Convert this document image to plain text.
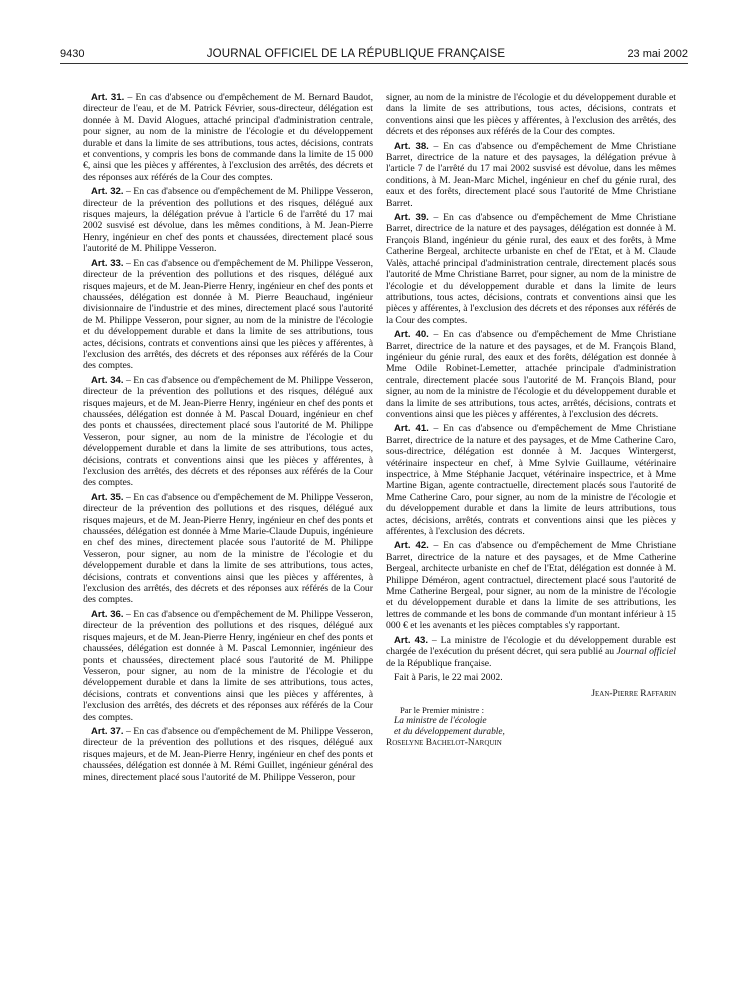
9430	JOURNAL OFFICIEL DE LA RÉPUBLIQUE FRANÇAISE	23 mai 2002

Art. 31. – En cas d'absence ou d'empêchement de M. Bernard Baudot, directeur de l'eau, et de M. Patrick Février, sous-directeur, délégation est donnée à M. David Alogues, attaché principal d'administration centrale, pour signer, au nom de la ministre de l'écologie et du développement durable et dans la limite de ses attributions, tous actes, décisions, contrats et conventions, y compris les bons de commande dans la limite de 15 000 €, ainsi que les pièces y afférentes, à l'exclusion des arrêtés, des décrets et des réponses aux référés de la Cour des comptes.

Art. 32. – En cas d'absence ou d'empêchement de M. Philippe Vesseron, directeur de la prévention des pollutions et des risques, délégué aux risques majeurs, la délégation prévue à l'article 6 de l'arrêté du 17 mai 2002 susvisé est dévolue, dans les mêmes conditions, à M. Jean-Pierre Henry, ingénieur en chef des ponts et chaussées, directement placé sous l'autorité de M. Philippe Vesseron.

Art. 33. – En cas d'absence ou d'empêchement de M. Philippe Vesseron, directeur de la prévention des pollutions et des risques, délégué aux risques majeurs, et de M. Jean-Pierre Henry, ingénieur en chef des ponts et chaussées, délégation est donnée à M. Pierre Beauchaud, ingénieur divisionnaire de l'industrie et des mines, directement placé sous l'autorité de M. Philippe Vesseron, pour signer, au nom de la ministre de l'écologie et du développement durable et dans la limite de ses attributions, tous actes, décisions, contrats et conventions ainsi que les pièces y afférentes, à l'exclusion des arrêtés, des décrets et des réponses aux référés de la Cour des comptes.

Art. 34. – En cas d'absence ou d'empêchement de M. Philippe Vesseron, directeur de la prévention des pollutions et des risques, délégué aux risques majeurs, et de M. Jean-Pierre Henry, ingénieur en chef des ponts et chaussées, délégation est donnée à M. Pascal Douard, ingénieur en chef des ponts et chaussées, directement placé sous l'autorité de M. Philippe Vesseron, pour signer, au nom de la ministre de l'écologie et du développement durable et dans la limite de ses attributions, tous actes, décisions, contrats et conventions ainsi que les pièces y afférentes, à l'exclusion des arrêtés, des décrets et des réponses aux référés de la Cour des comptes.

Art. 35. – En cas d'absence ou d'empêchement de M. Philippe Vesseron, directeur de la prévention des pollutions et des risques, délégué aux risques majeurs, et de M. Jean-Pierre Henry, ingénieur en chef des ponts et chaussées, délégation est donnée à Mme Marie-Claude Dupuis, ingénieure en chef des mines, directement placée sous l'autorité de M. Philippe Vesseron, pour signer, au nom de la ministre de l'écologie et du développement durable et dans la limite de ses attributions, tous actes, décisions, contrats et conventions ainsi que les pièces y afférentes, à l'exclusion des arrêtés, des décrets et des réponses aux référés de la Cour des comptes.

Art. 36. – En cas d'absence ou d'empêchement de M. Philippe Vesseron, directeur de la prévention des pollutions et des risques, délégué aux risques majeurs, et de M. Jean-Pierre Henry, ingénieur en chef des ponts et chaussées, délégation est donnée à M. Pascal Lemonnier, ingénieur des ponts et chaussées, directement placé sous l'autorité de M. Philippe Vesseron, pour signer, au nom de la ministre de l'écologie et du développement durable et dans la limite de ses attributions, tous actes, décisions, contrats et conventions ainsi que les pièces y afférentes, à l'exclusion des arrêtés, des décrets et des réponses aux référés de la Cour des comptes.

Art. 37. – En cas d'absence ou d'empêchement de M. Philippe Vesseron, directeur de la prévention des pollutions et des risques, délégué aux risques majeurs, et de M. Jean-Pierre Henry, ingénieur en chef des ponts et chaussées, délégation est donnée à M. Rémi Guillet, ingénieur général des mines, directement placé sous l'autorité de M. Philippe Vesseron, pour

signer, au nom de la ministre de l'écologie et du développement durable et dans la limite de ses attributions, tous actes, décisions, contrats et conventions ainsi que les pièces y afférentes, à l'exclusion des arrêtés, des décrets et des réponses aux référés de la Cour des comptes.

Art. 38. – En cas d'absence ou d'empêchement de Mme Christiane Barret, directrice de la nature et des paysages, la délégation prévue à l'article 7 de l'arrêté du 17 mai 2002 susvisé est dévolue, dans les mêmes conditions, à M. Jean-Marc Michel, ingénieur en chef du génie rural, des eaux et des forêts, directement placé sous l'autorité de Mme Christiane Barret.

Art. 39. – En cas d'absence ou d'empêchement de Mme Christiane Barret, directrice de la nature et des paysages, délégation est donnée à M. François Bland, ingénieur du génie rural, des eaux et des forêts, à Mme Catherine Bergeal, architecte urbaniste en chef de l'Etat, et à M. Claude Valès, attaché principal d'administration centrale, directement placés sous l'autorité de Mme Christiane Barret, pour signer, au nom de la ministre de l'écologie et du développement durable et dans la limite de leurs attributions, tous actes, décisions, contrats et conventions ainsi que les pièces y afférentes, à l'exclusion des décrets et des réponses aux référés de la Cour des comptes.

Art. 40. – En cas d'absence ou d'empêchement de Mme Christiane Barret, directrice de la nature et des paysages, et de M. François Bland, ingénieur du génie rural, des eaux et des forêts, délégation est donnée à Mme Odile Robinet-Lemetter, attachée principale d'administration centrale, directement placée sous l'autorité de M. François Bland, pour signer, au nom de la ministre de l'écologie et du développement durable et dans la limite de ses attributions, tous actes, arrêtés, décisions, contrats et conventions ainsi que les pièces y afférentes, à l'exclusion des décrets.

Art. 41. – En cas d'absence ou d'empêchement de Mme Christiane Barret, directrice de la nature et des paysages, et de Mme Catherine Caro, sous-directrice, délégation est donnée à M. Jacques Wintergerst, vétérinaire inspecteur en chef, à Mme Sylvie Guillaume, vétérinaire inspectrice, à Mme Stéphanie Jacquet, vétérinaire inspectrice, et à Mme Martine Bigan, agente contractuelle, directement placés sous l'autorité de Mme Catherine Caro, pour signer, au nom de la ministre de l'écologie et du développement durable et dans la limite de leurs attributions, tous actes, décisions, arrêtés, contrats et conventions ainsi que les pièces y afférentes, à l'exclusion des décrets.

Art. 42. – En cas d'absence ou d'empêchement de Mme Christiane Barret, directrice de la nature et des paysages, et de Mme Catherine Bergeal, architecte urbaniste en chef de l'Etat, délégation est donnée à M. Philippe Déméron, agent contractuel, directement placé sous l'autorité de Mme Catherine Bergeal, pour signer, au nom de la ministre de l'écologie et du développement durable et dans la limite de ses attributions, les lettres de commande et les bons de commande d'un montant inférieur à 15 000 € et les avenants et les pièces comptables s'y rapportant.

Art. 43. – La ministre de l'écologie et du développement durable est chargée de l'exécution du présent décret, qui sera publié au Journal officiel de la République française.

Fait à Paris, le 22 mai 2002.
Jean-Pierre Raffarin
Par le Premier ministre :
La ministre de l'écologie
et du développement durable,
Roselyne Bachelot-Narquin
